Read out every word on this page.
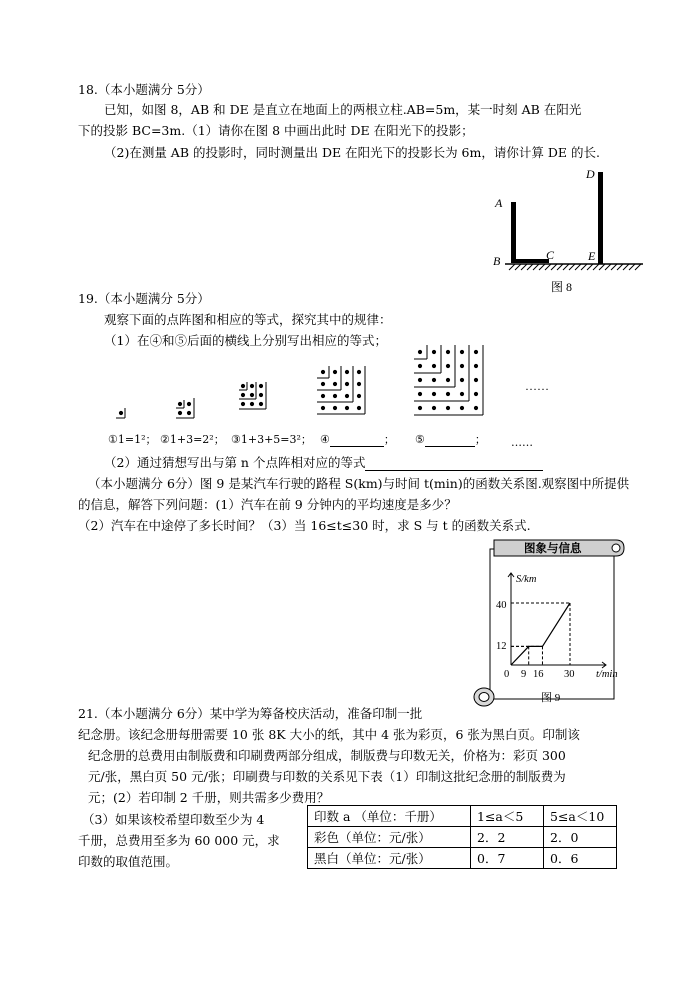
18.（本小题满分 5分）
已知，如图 8，AB 和 DE 是直立在地面上的两根立柱.AB=5m，某一时刻 AB 在阳光
下的投影 BC=3m.（1）请你在图 8 中画出此时 DE 在阳光下的投影；
（2)在测量 AB 的投影时，同时测量出 DE 在阳光下的投影长为 6m，请你计算 DE 的长.
A
B	C
D
E
图 8
19.（本小题满分 5分）
观察下面的点阵图和相应的等式，探究其中的规律：
（1）在④和⑤后面的横线上分别写出相应的等式；
……
①1=1²； ②1+3=2²； ③1+3+5=3²； ④	； ⑤	； ……
（2）通过猜想写出与第 n 个点阵相对应的等式
（本小题满分 6分）图 9 是某汽车行驶的路程 S(km)与时间 t(min)的函数关系图.观察图中所提供
的信息，解答下列问题：(1）汽车在前 9 分钟内的平均速度是多少？
（2）汽车在中途停了多长时间？（3）当 16≤t≤30 时，求 S 与 t 的函数关系式.
图象与信息
S/km
t/min
0
12
40
9 16 30
图 9
21.（本小题满分 6分）某中学为筹备校庆活动，准备印制一批
纪念册。该纪念册每册需要 10 张 8K 大小的纸，其中 4 张为彩页，6 张为黑白页。印制该
纪念册的总费用由制版费和印刷费两部分组成，制版费与印数无关，价格为：彩页 300
元/张，黑白页 50 元/张；印刷费与印数的关系见下表（1）印制这批纪念册的制版费为
元；(2）若印制 2 千册，则共需多少费用？
（3）如果该校希望印数至少为 4
千册，总费用至多为 60 000 元，求
印数的取值范围。
印数 a （单位：千册）	1≤a＜5	5≤a＜10
彩色（单位：元/张）	2．2	2．0
黑白（单位：元/张）	0．7	0．6
